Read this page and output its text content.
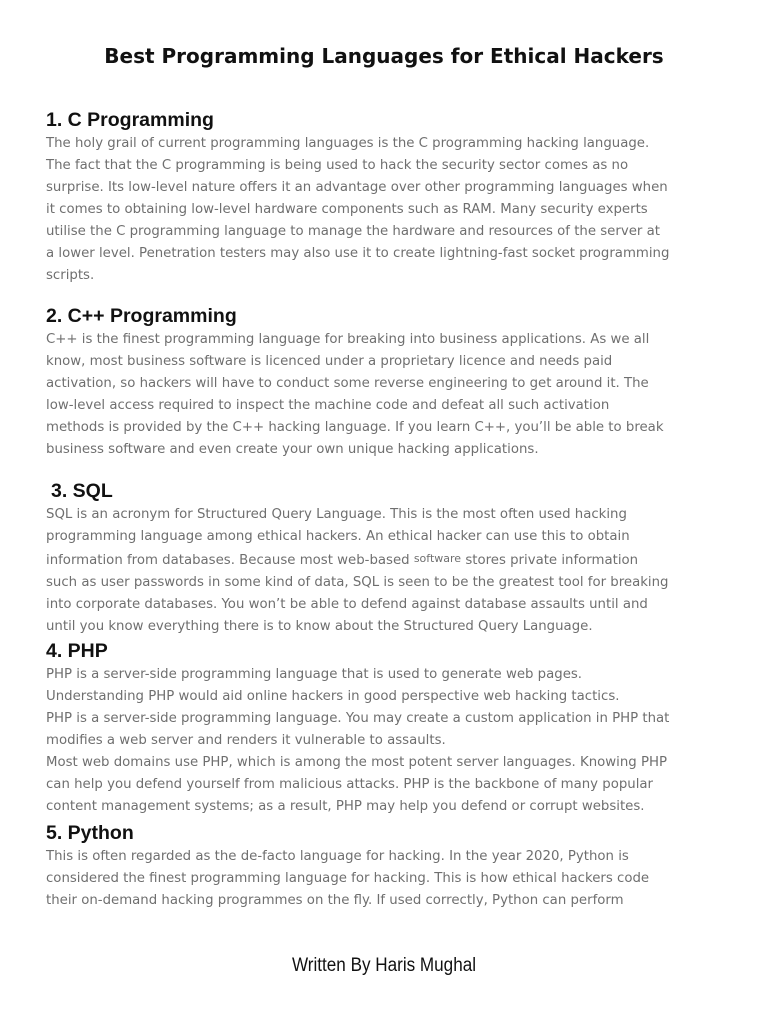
Best Programming Languages for Ethical Hackers
1. C Programming

The holy grail of current programming languages is the C programming hacking language.
The fact that the C programming is being used to hack the security sector comes as no
surprise. Its low-level nature offers it an advantage over other programming languages when
it comes to obtaining low-level hardware components such as RAM. Many security experts
utilise the C programming language to manage the hardware and resources of the server at
a lower level. Penetration testers may also use it to create lightning-fast socket programming
scripts.

2. C++ Programming

C++ is the finest programming language for breaking into business applications. As we all
know, most business software is licenced under a proprietary licence and needs paid
activation, so hackers will have to conduct some reverse engineering to get around it. The
low-level access required to inspect the machine code and defeat all such activation
methods is provided by the C++ hacking language. If you learn C++, you’ll be able to break
business software and even create your own unique hacking applications.

3. SQL

SQL is an acronym for Structured Query Language. This is the most often used hacking
programming language among ethical hackers. An ethical hacker can use this to obtain
information from databases. Because most web-based software stores private information
such as user passwords in some kind of data, SQL is seen to be the greatest tool for breaking
into corporate databases. You won’t be able to defend against database assaults until and
until you know everything there is to know about the Structured Query Language.

4. PHP

PHP is a server-side programming language that is used to generate web pages.
Understanding PHP would aid online hackers in good perspective web hacking tactics.
PHP is a server-side programming language. You may create a custom application in PHP that
modifies a web server and renders it vulnerable to assaults.
Most web domains use PHP, which is among the most potent server languages. Knowing PHP
can help you defend yourself from malicious attacks. PHP is the backbone of many popular
content management systems; as a result, PHP may help you defend or corrupt websites.

5. Python

This is often regarded as the de-facto language for hacking. In the year 2020, Python is
considered the finest programming language for hacking. This is how ethical hackers code
their on-demand hacking programmes on the fly. If used correctly, Python can perform

Written By Haris Mughal
